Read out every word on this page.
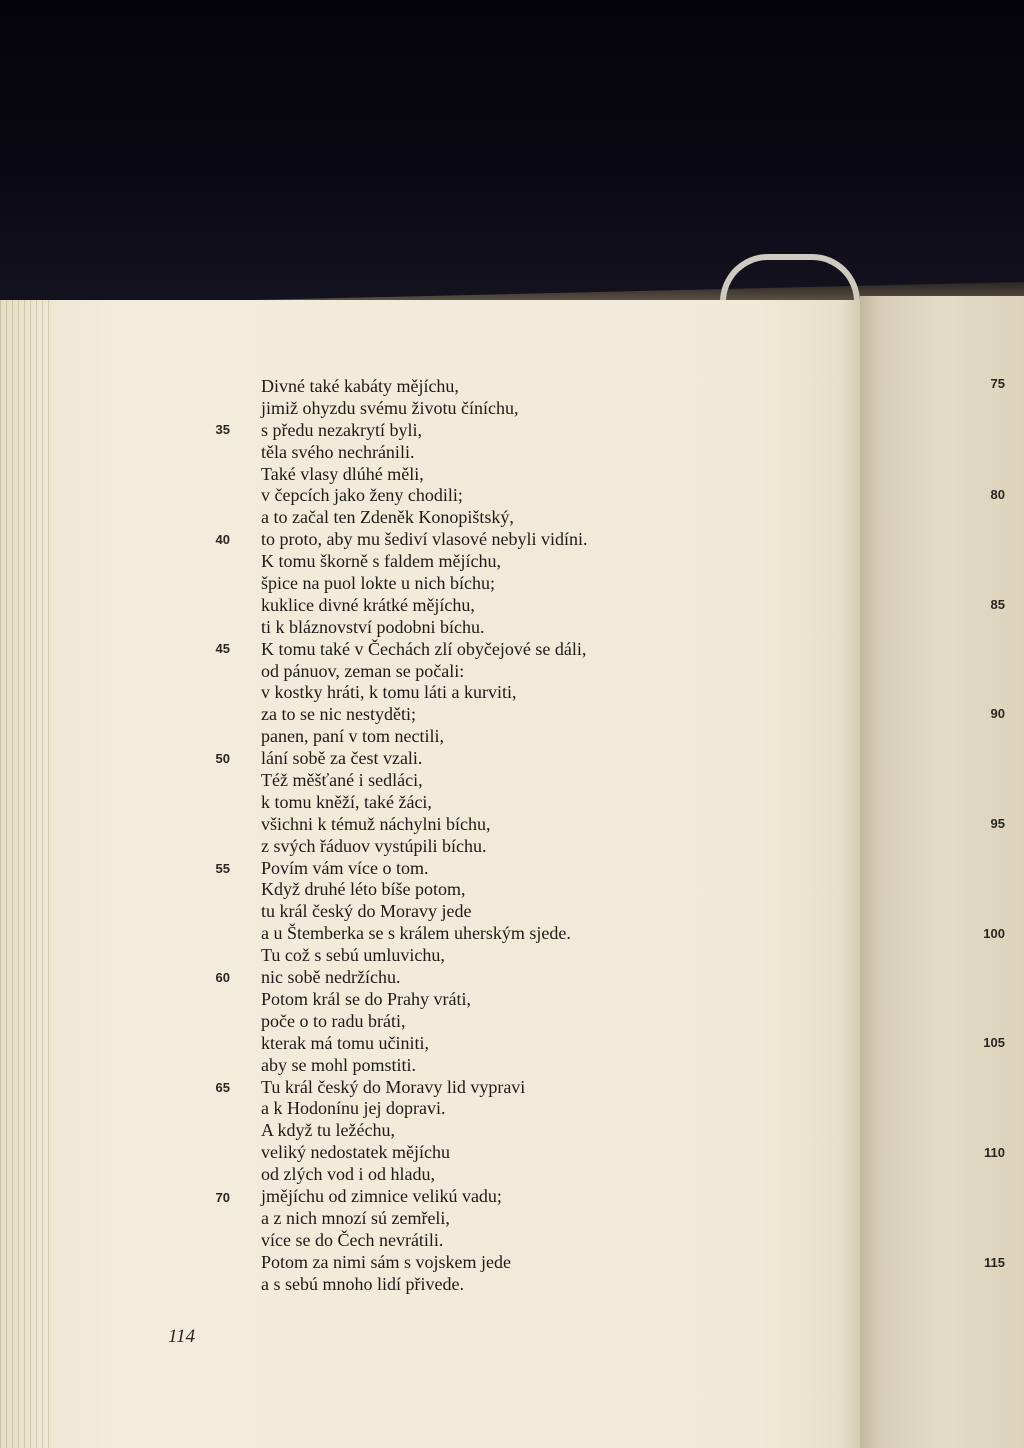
35
40
45
50
55
60
65
70
75
80
85
90
95
100
105
110
115
Divné také kabáty mějíchu,
jimiž ohyzdu svému životu číníchu,
s předu nezakrytí byli,
těla svého nechránili.
Také vlasy dlúhé měli,
v čepcích jako ženy chodili;
a to začal ten Zdeněk Konopištský,
to proto, aby mu šediví vlasové nebyli vidíni.
K tomu škorně s faldem mějíchu,
špice na puol lokte u nich bíchu;
kuklice divné krátké mějíchu,
ti k bláznovství podobni bíchu.
K tomu také v Čechách zlí obyčejové se dáli,
od pánuov, zeman se počali:
v kostky hráti, k tomu láti a kurviti,
za to se nic nestyděti;
panen, paní v tom nectili,
lání sobě za čest vzali.
Též měšťané i sedláci,
k tomu kněží, také žáci,
všichni k témuž náchylni bíchu,
z svých řáduov vystúpili bíchu.
Povím vám více o tom.
Když druhé léto bíše potom,
tu král český do Moravy jede
a u Štemberka se s králem uherským sjede.
Tu což s sebú umluvichu,
nic sobě nedržíchu.
Potom král se do Prahy vráti,
poče o to radu bráti,
kterak má tomu učiniti,
aby se mohl pomstiti.
Tu král český do Moravy lid vypravi
a k Hodonínu jej dopravi.
A když tu ležéchu,
veliký nedostatek mějíchu
od zlých vod i od hladu,
jmějíchu od zimnice velikú vadu;
a z nich mnozí sú zemřeli,
více se do Čech nevrátili.
Potom za nimi sám s vojskem jede
a s sebú mnoho lidí přivede.
114
